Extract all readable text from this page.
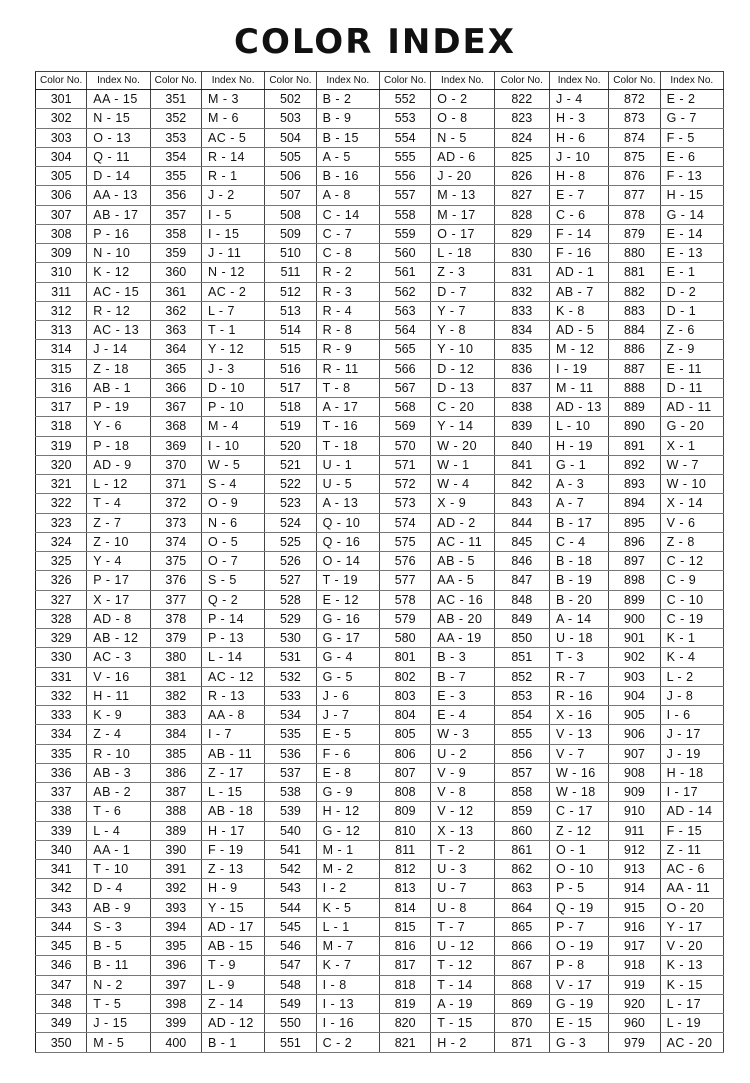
COLOR INDEX
Color No.	Index No.	Color No.	Index No.	Color No.	Index No.	Color No.	Index No.	Color No.	Index No.	Color No.	Index No.
301	AA - 15	351	M - 3	502	B - 2	552	O - 2	822	J - 4	872	E - 2
302	N - 15	352	M - 6	503	B - 9	553	O - 8	823	H - 3	873	G - 7
303	O - 13	353	AC - 5	504	B - 15	554	N - 5	824	H - 6	874	F - 5
304	Q - 11	354	R - 14	505	A - 5	555	AD - 6	825	J - 10	875	E - 6
305	D - 14	355	R - 1	506	B - 16	556	J - 20	826	H - 8	876	F - 13
306	AA - 13	356	J - 2	507	A - 8	557	M - 13	827	E - 7	877	H - 15
307	AB - 17	357	I - 5	508	C - 14	558	M - 17	828	C - 6	878	G - 14
308	P - 16	358	I - 15	509	C - 7	559	O - 17	829	F - 14	879	E - 14
309	N - 10	359	J - 11	510	C - 8	560	L - 18	830	F - 16	880	E - 13
310	K - 12	360	N - 12	511	R - 2	561	Z - 3	831	AD - 1	881	E - 1
311	AC - 15	361	AC - 2	512	R - 3	562	D - 7	832	AB - 7	882	D - 2
312	R - 12	362	L - 7	513	R - 4	563	Y - 7	833	K - 8	883	D - 1
313	AC - 13	363	T - 1	514	R - 8	564	Y - 8	834	AD - 5	884	Z - 6
314	J - 14	364	Y - 12	515	R - 9	565	Y - 10	835	M - 12	886	Z - 9
315	Z - 18	365	J - 3	516	R - 11	566	D - 12	836	I - 19	887	E - 11
316	AB - 1	366	D - 10	517	T - 8	567	D - 13	837	M - 11	888	D - 11
317	P - 19	367	P - 10	518	A - 17	568	C - 20	838	AD - 13	889	AD - 11
318	Y - 6	368	M - 4	519	T - 16	569	Y - 14	839	L - 10	890	G - 20
319	P - 18	369	I - 10	520	T - 18	570	W - 20	840	H - 19	891	X - 1
320	AD - 9	370	W - 5	521	U - 1	571	W - 1	841	G - 1	892	W - 7
321	L - 12	371	S - 4	522	U - 5	572	W - 4	842	A - 3	893	W - 10
322	T - 4	372	O - 9	523	A - 13	573	X - 9	843	A - 7	894	X - 14
323	Z - 7	373	N - 6	524	Q - 10	574	AD - 2	844	B - 17	895	V - 6
324	Z - 10	374	O - 5	525	Q - 16	575	AC - 11	845	C - 4	896	Z - 8
325	Y - 4	375	O - 7	526	O - 14	576	AB - 5	846	B - 18	897	C - 12
326	P - 17	376	S - 5	527	T - 19	577	AA - 5	847	B - 19	898	C - 9
327	X - 17	377	Q - 2	528	E - 12	578	AC - 16	848	B - 20	899	C - 10
328	AD - 8	378	P - 14	529	G - 16	579	AB - 20	849	A - 14	900	C - 19
329	AB - 12	379	P - 13	530	G - 17	580	AA - 19	850	U - 18	901	K - 1
330	AC - 3	380	L - 14	531	G - 4	801	B - 3	851	T - 3	902	K - 4
331	V - 16	381	AC - 12	532	G - 5	802	B - 7	852	R - 7	903	L - 2
332	H - 11	382	R - 13	533	J - 6	803	E - 3	853	R - 16	904	J - 8
333	K - 9	383	AA - 8	534	J - 7	804	E - 4	854	X - 16	905	I - 6
334	Z - 4	384	I - 7	535	E - 5	805	W - 3	855	V - 13	906	J - 17
335	R - 10	385	AB - 11	536	F - 6	806	U - 2	856	V - 7	907	J - 19
336	AB - 3	386	Z - 17	537	E - 8	807	V - 9	857	W - 16	908	H - 18
337	AB - 2	387	L - 15	538	G - 9	808	V - 8	858	W - 18	909	I - 17
338	T - 6	388	AB - 18	539	H - 12	809	V - 12	859	C - 17	910	AD - 14
339	L - 4	389	H - 17	540	G - 12	810	X - 13	860	Z - 12	911	F - 15
340	AA - 1	390	F - 19	541	M - 1	811	T - 2	861	O - 1	912	Z - 11
341	T - 10	391	Z - 13	542	M - 2	812	U - 3	862	O - 10	913	AC - 6
342	D - 4	392	H - 9	543	I - 2	813	U - 7	863	P - 5	914	AA - 11
343	AB - 9	393	Y - 15	544	K - 5	814	U - 8	864	Q - 19	915	O - 20
344	S - 3	394	AD - 17	545	L - 1	815	T - 7	865	P - 7	916	Y - 17
345	B - 5	395	AB - 15	546	M - 7	816	U - 12	866	O - 19	917	V - 20
346	B - 11	396	T - 9	547	K - 7	817	T - 12	867	P - 8	918	K - 13
347	N - 2	397	L - 9	548	I - 8	818	T - 14	868	V - 17	919	K - 15
348	T - 5	398	Z - 14	549	I - 13	819	A - 19	869	G - 19	920	L - 17
349	J - 15	399	AD - 12	550	I - 16	820	T - 15	870	E - 15	960	L - 19
350	M - 5	400	B - 1	551	C - 2	821	H - 2	871	G - 3	979	AC - 20
